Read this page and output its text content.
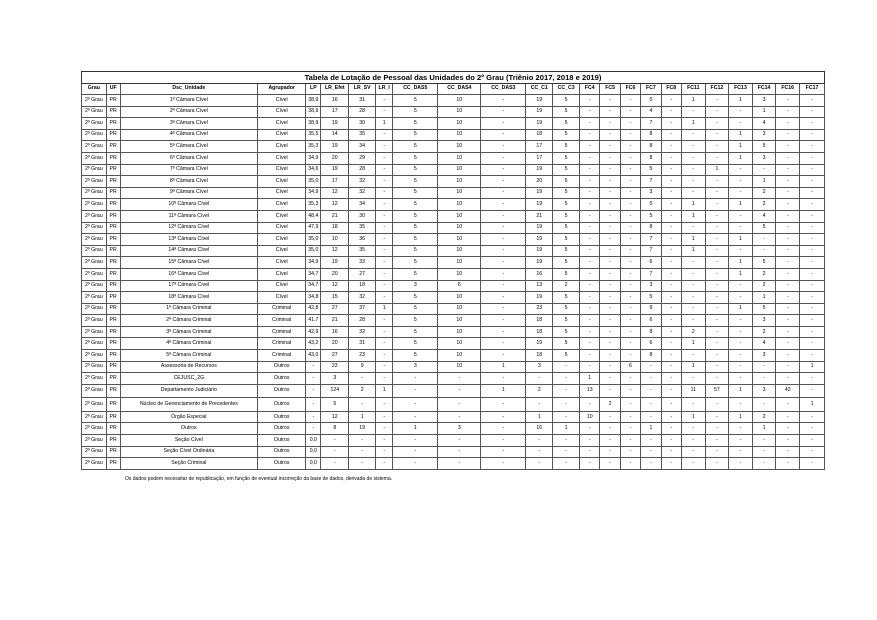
Tabela de Lotação de Pessoal das Unidades do 2º Grau (Triênio 2017, 2018 e 2019)																							
Grau	UF	Dsc_Unidade	Agrupador	LP	LR_Efet	LR_SV	LR_I	CC_DAS5	CC_DAS4	CC_DAS3	CC_C1	CC_C3	FC4	FC5	FC6	FC7	FC8	FC11	FC12	FC13	FC14	FC16	FC17
2º Grau	PR	1ª Câmara Cível	Cível	38,9	16	31	-	5	10	-	19	5	-	-	-	5	-	1	-	1	3	-	-
2º Grau	PR	2ª Câmara Cível	Cível	38,9	17	28	-	5	10	-	19	5	-	-	-	4	-	-	-	-	1	-	-
2º Grau	PR	3ª Câmara Cível	Cível	38,9	19	30	1	5	10	-	19	5	-	-	-	7	-	1	-	-	4	-	-
2º Grau	PR	4ª Câmara Cível	Cível	35,5	14	35	-	5	10	-	18	5	-	-	-	8	-	-	-	1	3	-	-
2º Grau	PR	5ª Câmara Cível	Cível	35,3	19	34	-	5	10	-	17	5	-	-	-	8	-	-	-	1	5	-	-
2º Grau	PR	6ª Câmara Cível	Cível	34,9	20	29	-	5	10	-	17	5	-	-	-	8	-	-	-	1	3	-	-
2º Grau	PR	7ª Câmara Cível	Cível	34,6	19	28	-	5	10	-	19	5	-	-	-	5	-	-	1	-	-	-	-
2º Grau	PR	8ª Câmara Cível	Cível	35,0	17	32	-	5	10	-	20	5	-	-	-	7	-	-	-	-	1	-	-
2º Grau	PR	9ª Câmara Cível	Cível	34,9	12	32	-	5	10	-	19	5	-	-	-	3	-	-	-	-	2	-	-
2º Grau	PR	10ª Câmara Cível	Cível	35,3	12	34	-	5	10	-	19	5	-	-	-	5	-	1	-	1	2	-	-
2º Grau	PR	11ª Câmara Cível	Cível	48,4	21	30	-	5	10	-	21	5	-	-	-	5	-	1	-	-	4	-	-
2º Grau	PR	12ª Câmara Cível	Cível	47,9	18	35	-	5	10	-	19	5	-	-	-	8	-	-	-	-	5	-	-
2º Grau	PR	13ª Câmara Cível	Cível	35,0	10	36	-	5	10	-	19	5	-	-	-	7	-	1	-	1	-	-	-
2º Grau	PR	14ª Câmara Cível	Cível	35,0	12	35	-	5	10	-	19	5	-	-	-	7	-	1	-	-	-	-	-
2º Grau	PR	15ª Câmara Cível	Cível	34,9	19	33	-	5	10	-	19	5	-	-	-	6	-	-	-	1	5	-	-
2º Grau	PR	16ª Câmara Cível	Cível	34,7	20	27	-	5	10	-	16	5	-	-	-	7	-	-	-	1	2	-	-
2º Grau	PR	17ª Câmara Cível	Cível	34,7	12	18	-	3	6	-	13	2	-	-	-	3	-	-	-	-	2	-	-
2º Grau	PR	18ª Câmara Cível	Cível	34,8	15	32	-	5	10	-	19	5	-	-	-	5	-	-	-	-	1	-	-
2º Grau	PR	1ª Câmara Criminal	Criminal	42,8	27	37	1	5	10	-	23	5	-	-	-	9	-	-	-	1	5	-	-
2º Grau	PR	2ª Câmara Criminal	Criminal	41,7	21	28	-	5	10	-	18	5	-	-	-	6	-	-	-	-	3	-	-
2º Grau	PR	3ª Câmara Criminal	Criminal	42,9	16	32	-	5	10	-	18	5	-	-	-	8	-	2	-	-	2	-	-
2º Grau	PR	4ª Câmara Criminal	Criminal	43,2	20	31	-	5	10	-	19	5	-	-	-	6	-	1	-	-	4	-	-
2º Grau	PR	5ª Câmara Criminal	Criminal	43,0	27	23	-	5	10	-	18	5	-	-	-	8	-	-	-	-	3	-	-
2º Grau	PR	Assessoria de Recursos	Outros	-	23	9	-	3	10	1	3	-	-	-	6	-	-	1	-	-	-	-	1
2º Grau	PR	CEJUSC_2G	Outros	-	3	-	-	-	-	-	-	-	1	-	-	-	-	-	-	-	-	-	-
2º Grau	PR	Departamento Judiciário	Outros	-	124	2	1	-	-	1	2	-	13	-	-	-	-	11	57	1	3	42	-
2º Grau	PR	Núcleo de Gerenciamento de Precedentes	Outros	-	5	-	-	-	-	-	-	-	-	2	-	-	-	-	-	-	-	-	1
2º Grau	PR	Órgão Especial	Outros	-	12	1	-	-	-	-	1	-	10	-	-	-	-	1	-	1	2	-	-
2º Grau	PR	Outros	Outros	-	8	19	-	1	3	-	16	1	-	-	-	1	-	-	-	-	1	-	-
2º Grau	PR	Seção Cível	Outros	0,0	-	-	-	-	-	-	-	-	-	-	-	-	-	-	-	-	-	-	-
2º Grau	PR	Seção Cível Ordinária	Outros	0,0	-	-	-	-	-	-	-	-	-	-	-	-	-	-	-	-	-	-	-
2º Grau	PR	Seção Criminal	Outros	0,0	-	-	-	-	-	-	-	-	-	-	-	-	-	-	-	-	-	-	-
Os dados podem necessitar de republicação, em função de eventual incorreção da base de dados, derivada de sistema.
